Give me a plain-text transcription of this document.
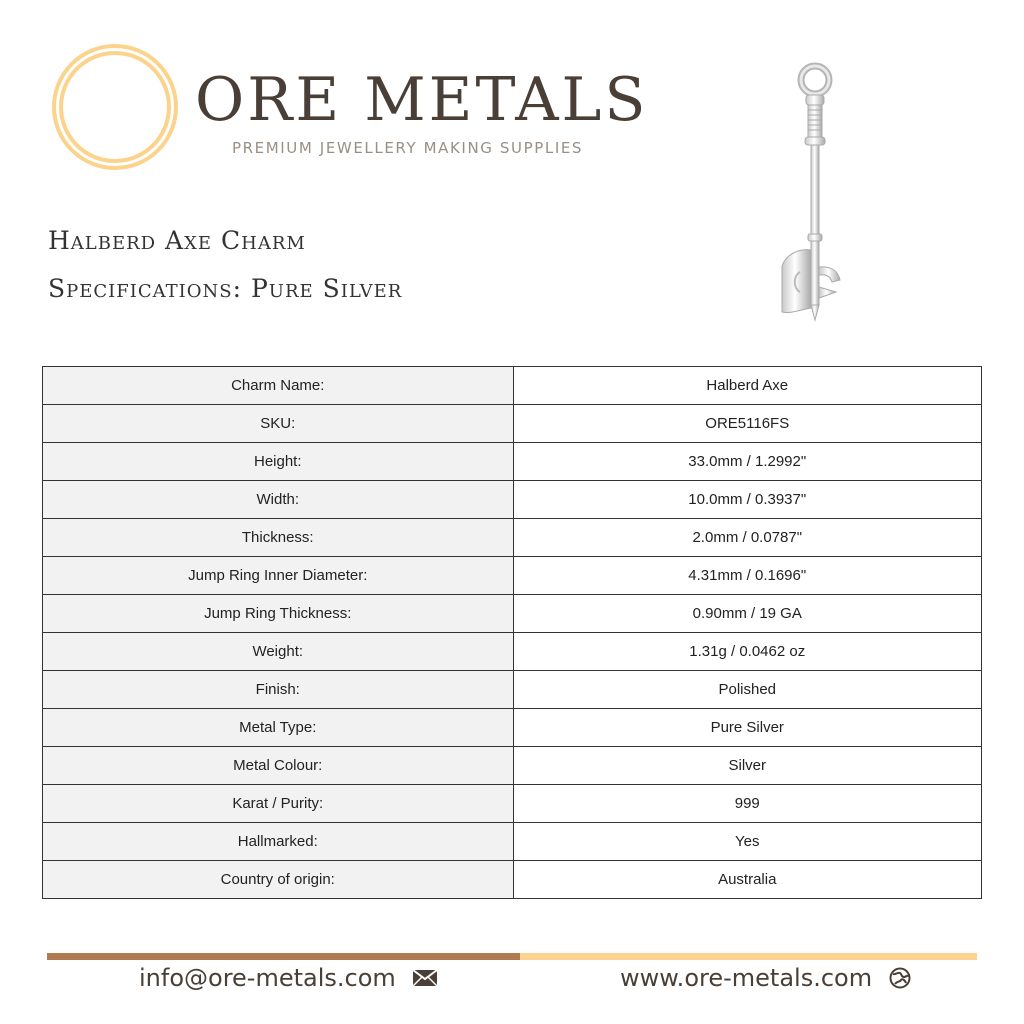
ORE METALS
PREMIUM JEWELLERY MAKING SUPPLIES
Halberd Axe Charm
Specifications: Pure Silver
Charm Name:	Halberd Axe
SKU:	ORE5116FS
Height:	33.0mm / 1.2992"
Width:	10.0mm / 0.3937"
Thickness:	2.0mm / 0.0787"
Jump Ring Inner Diameter:	4.31mm / 0.1696"
Jump Ring Thickness:	0.90mm / 19 GA
Weight:	1.31g / 0.0462 oz
Finish:	Polished
Metal Type:	Pure Silver
Metal Colour:	Silver
Karat / Purity:	999
Hallmarked:	Yes
Country of origin:	Australia
info@ore-metals.com	www.ore-metals.com
